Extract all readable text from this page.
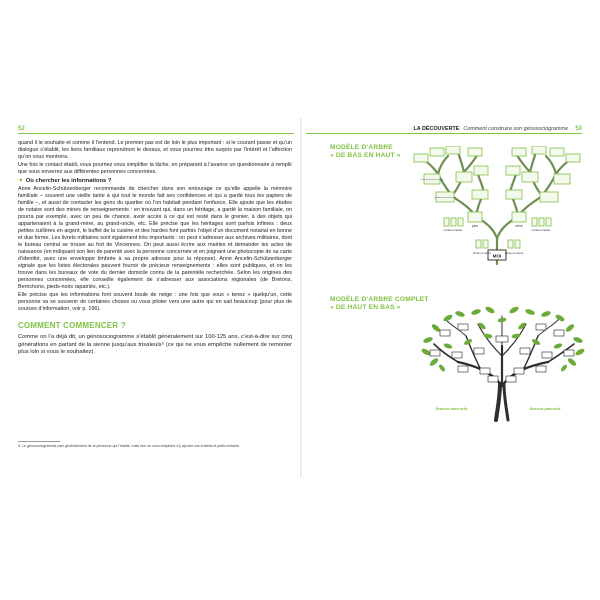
52

quand il le souhaite et comme il l’entend. Le premier pas est de loin le plus important : si le courant passe et qu’un dialogue s’établit, les liens familiaux reprendront le dessus, et vous pourriez être surpris par l’intérêt et l’affection qu’on vous montrera.

Une fois le contact établi, vous pourriez vous simplifier la tâche, en préparant à l’avance un questionnaire à remplir que vous enverrez aux différentes personnes concernées.

▼ Où chercher les informations ?

Anne Ancelin-Schützenberger recommande de chercher dans son entourage ce qu’elle appelle la mémoire familiale – souvent une vieille tante à qui tout le monde fait ses confidences et qui a gardé tous les papiers de famille –, et aussi de contacter les gens du quartier où l’on habitait pendant l’enfance. Elle ajoute que les études de notaire sont des mines de renseignements : en trouvant qui, dans un héritage, a gardé la maison familiale, on pourra par exemple, avec un peu de chance, avoir accès à ce qui est resté dans le grenier, à des objets qui appartenaient à la grand-mère, au grand-oncle, etc. Elle précise que les héritages sont parfois infimes : deux petites cuillères en argent, le buffet de la cuisine et des hardes font parfois l’objet d’un document notarial en bonne et due forme. Les livrets militaires sont également très importants : on peut s’adresser aux archives militaires, dont le bureau central se trouve au fort de Vincennes. On peut aussi écrire aux mairies et demander les actes de naissance (en indiquant son lien de parenté avec la personne concernée et en joignant une photocopie de sa carte d’identité, avec une enveloppe timbrée à sa propre adresse pour la réponse). Anne Ancelin-Schützenberger signale que les listes électorales peuvent fournir de précieux renseignements : elles sont publiques, et on les trouve dans les bureaux de vote du dernier domicile connu de la parentèle recherchée. Selon les origines des personnes concernées, elle conseille également de s’adresser aux associations régionales (de Bretons, Berrichons, pieds-noirs rapatriés, etc.).

Elle précise que les informations font souvent boule de neige : une fois que vous « tenez » quelqu’un, cette personne va se souvenir de certaines choses ou vous piloter vers une autre qui en sait beaucoup (pour plus de sources d’information, voir p. 196).

COMMENT COMMENCER ?

Comme on l’a déjà dit, un génosociogramme s’établit généralement sur 100-125 ans, c’est-à-dire sur cinq générations en partant de la sienne jusqu’aux trisaïeuls⁵ (ce qui ne vous empêche nullement de remonter plus loin si vous le souhaitez).

5. Le génosociogramme part généralement de la personne qui l’établit, mais rien ne vous empêche d’y ajouter vos enfants et petits-enfants.
LA DÉCOUVERTE Comment construire son génosociogramme 53
MODÈLE D’ARBRE
« DE BAS EN HAUT »
MOI
père	mère
oncles et tantes	oncles et tantes
frères et sœurs	frères et sœurs
grands-parents maternels
arrière grands-parents maternels
MODÈLE D’ARBRE COMPLET
« DE HAUT EN BAS »
Branche maternelle	Branche paternelle
